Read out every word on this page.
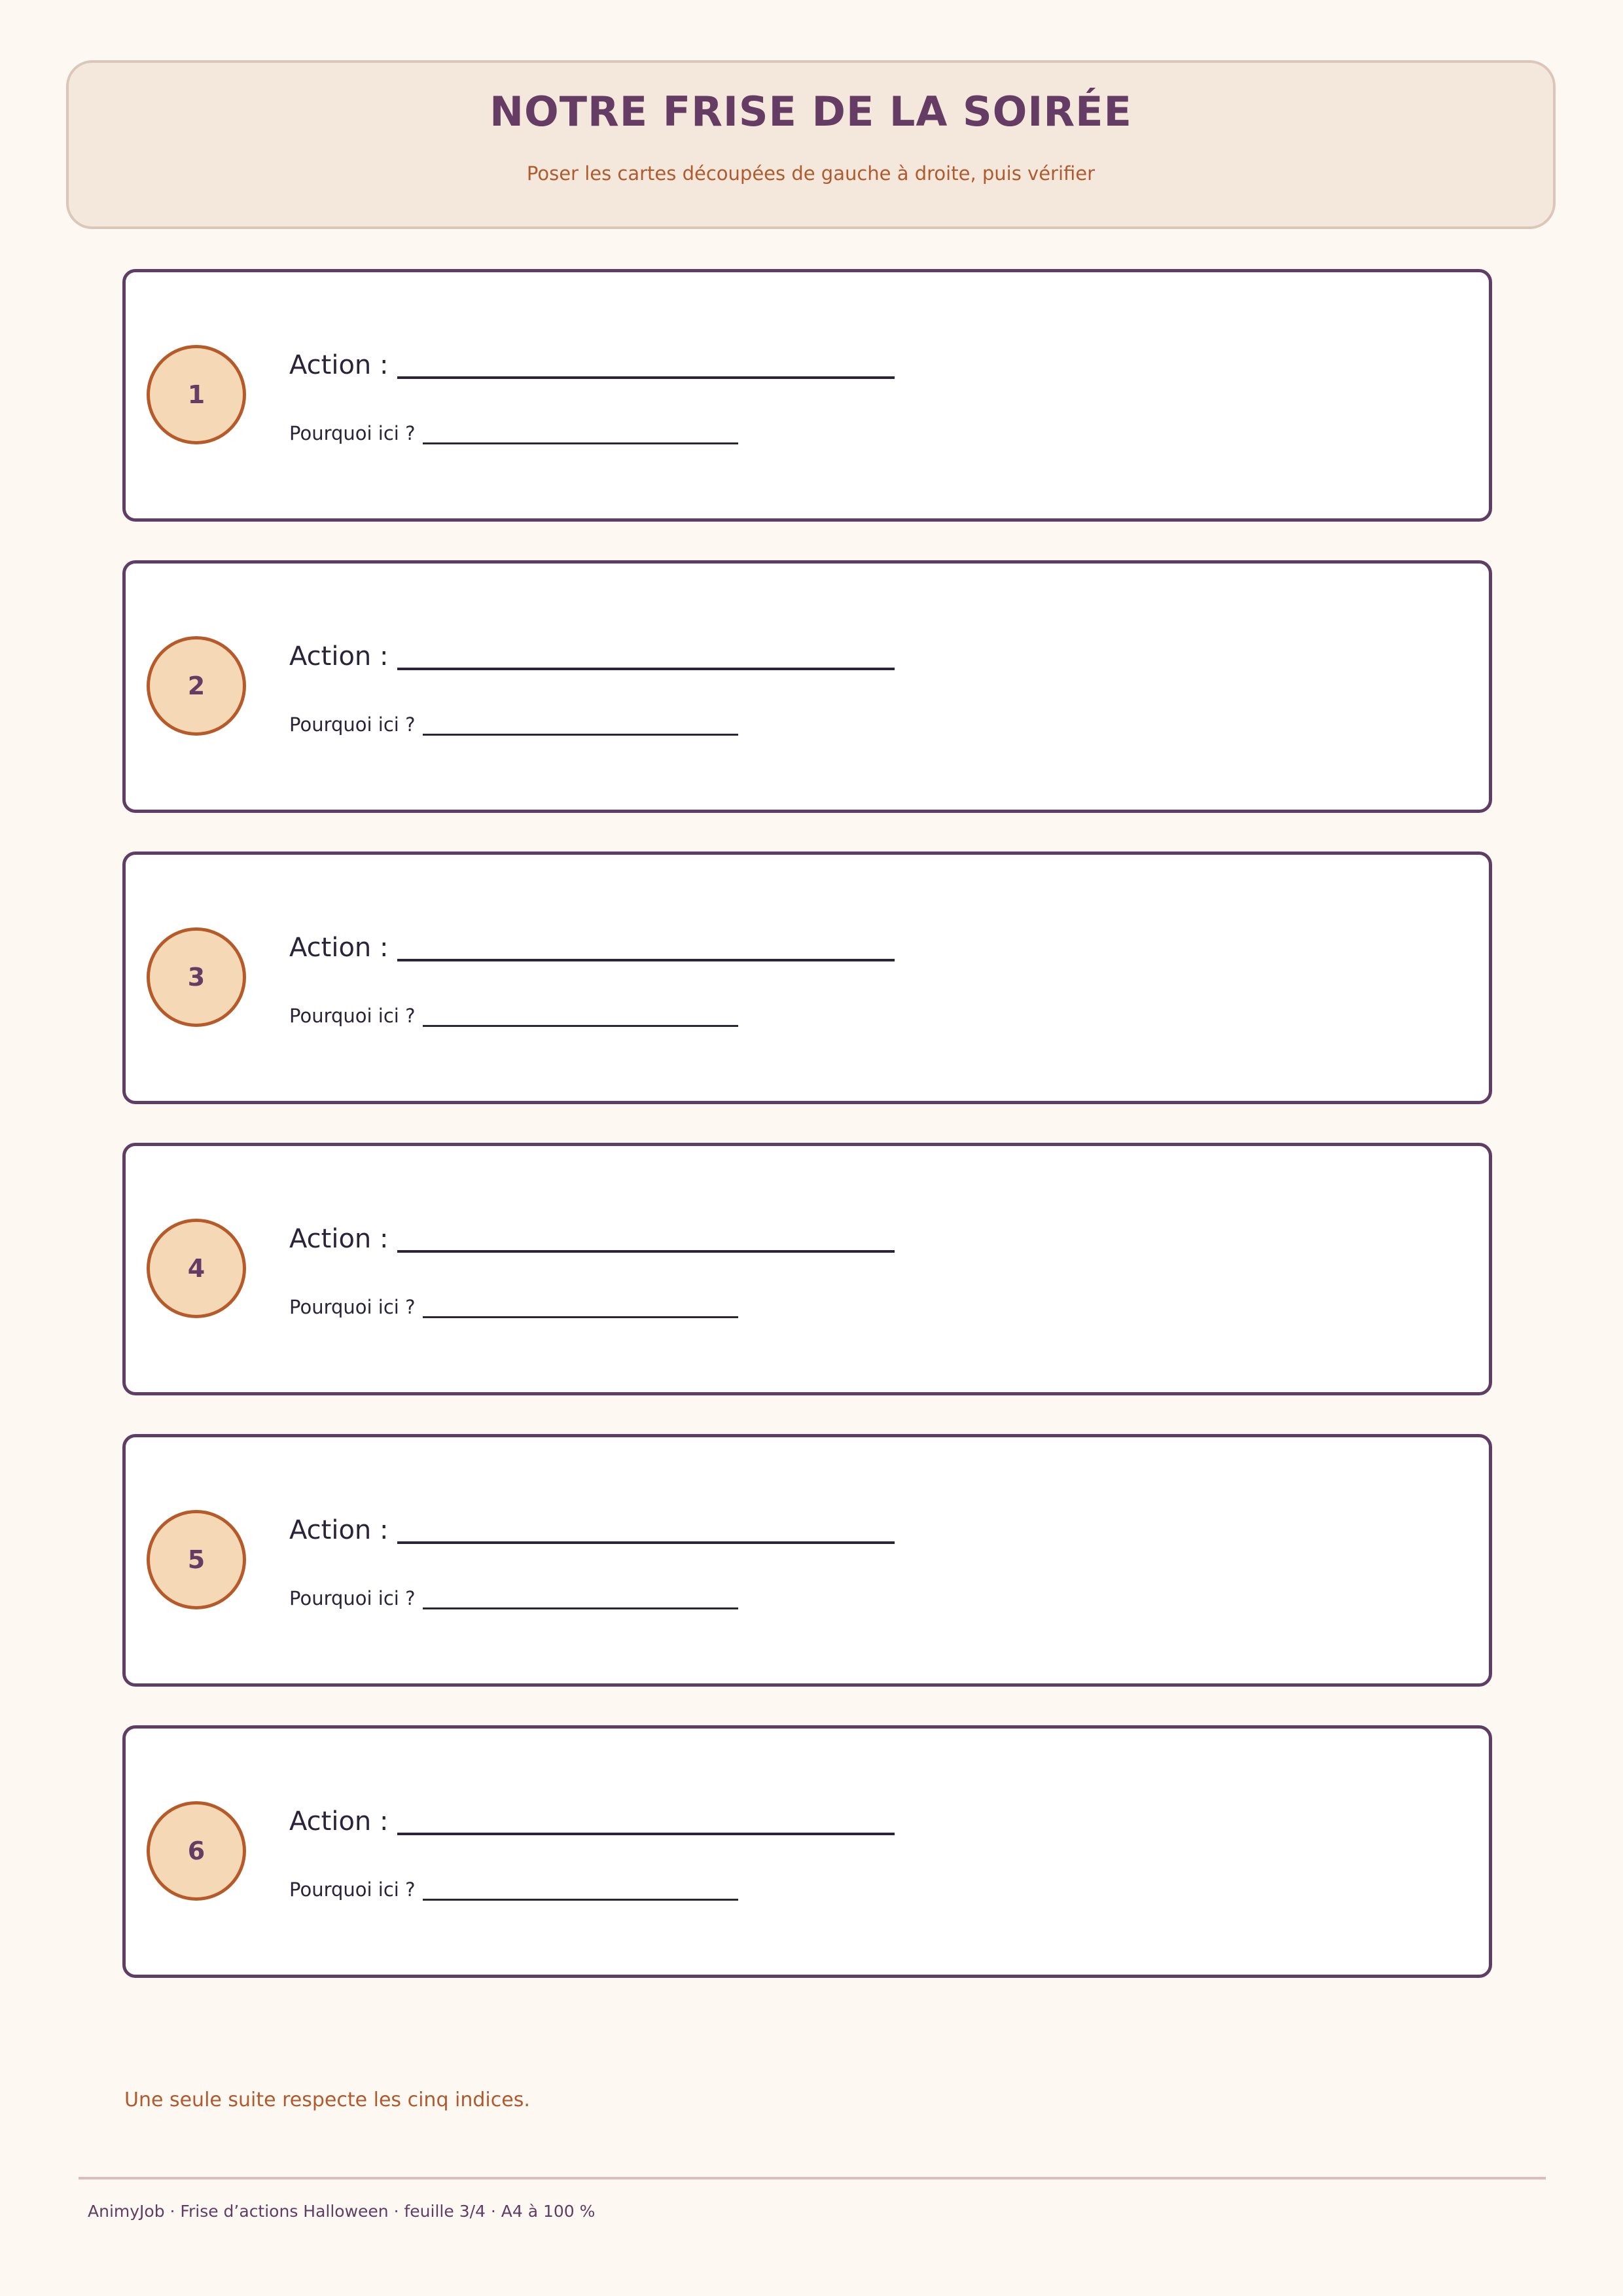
NOTRE FRISE DE LA SOIRÉE
Poser les cartes découpées de gauche à droite, puis vérifier
1
Action :
Pourquoi ici ?
2
Action :
Pourquoi ici ?
3
Action :
Pourquoi ici ?
4
Action :
Pourquoi ici ?
5
Action :
Pourquoi ici ?
6
Action :
Pourquoi ici ?
Une seule suite respecte les cinq indices.
AnimyJob · Frise d’actions Halloween · feuille 3/4 · A4 à 100 %
